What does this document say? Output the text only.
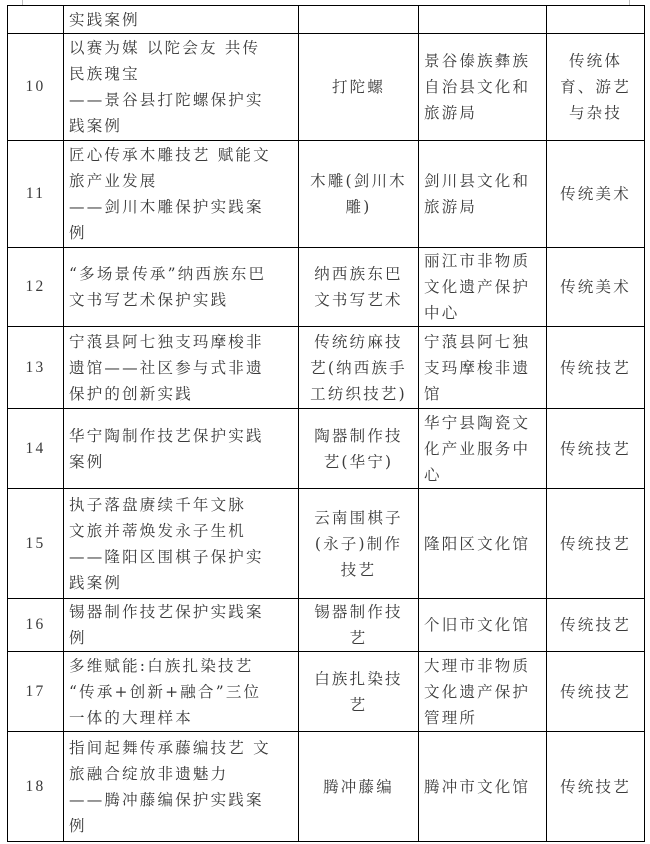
	实践案例			

10	以赛为媒 以陀会友 共传
民族瑰宝
——景谷县打陀螺保护实
践案例	打陀螺	景谷傣族彝族
自治县文化和
旅游局	传统体
育、游艺
与杂技

11	匠心传承木雕技艺 赋能文
旅产业发展
——剑川木雕保护实践案
例	木雕(剑川木
雕)	剑川县文化和
旅游局	传统美术

12	“多场景传承”纳西族东巴
文书写艺术保护实践	纳西族东巴
文书写艺术	丽江市非物质
文化遗产保护
中心	传统美术

13	宁蒗县阿七独支玛摩梭非
遗馆——社区参与式非遗
保护的创新实践	传统纺麻技
艺(纳西族手
工纺织技艺)	宁蒗县阿七独
支玛摩梭非遗
馆	传统技艺

14	华宁陶制作技艺保护实践
案例	陶器制作技
艺(华宁)	华宁县陶瓷文
化产业服务中
心	传统技艺

15	执子落盘赓续千年文脉
文旅并蒂焕发永子生机
——隆阳区围棋子保护实
践案例	云南围棋子
(永子)制作
技艺	隆阳区文化馆	传统技艺

16	锡器制作技艺保护实践案
例	锡器制作技
艺	个旧市文化馆	传统技艺

17	多维赋能:白族扎染技艺
“传承+创新+融合”三位
一体的大理样本	白族扎染技
艺	大理市非物质
文化遗产保护
管理所	传统技艺

18	指间起舞传承藤编技艺 文
旅融合绽放非遗魅力
——腾冲藤编保护实践案
例	腾冲藤编	腾冲市文化馆	传统技艺
